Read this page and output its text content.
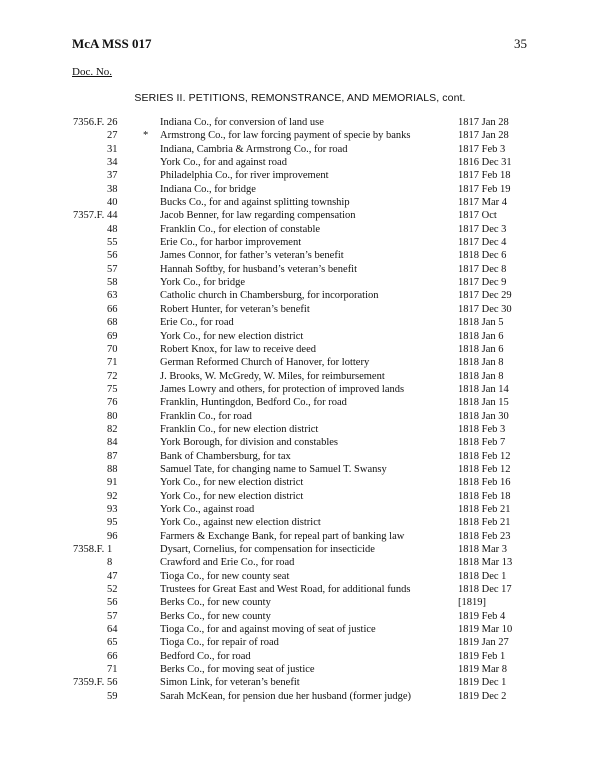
McA MSS 017	35
Doc. No.
SERIES II. PETITIONS, REMONSTRANCE, AND MEMORIALS, cont.
7356.F. 26	Indiana Co., for conversion of land use	1817 Jan 28
27 * Armstrong Co., for law forcing payment of specie by banks	1817 Jan 28
31	Indiana, Cambria & Armstrong Co., for road	1817 Feb 3
34	York Co., for and against road	1816 Dec 31
37	Philadelphia Co., for river improvement	1817 Feb 18
38	Indiana Co., for bridge	1817 Feb 19
40	Bucks Co., for and against splitting township	1817 Mar 4
7357.F. 44	Jacob Benner, for law regarding compensation	1817 Oct
48	Franklin Co., for election of constable	1817 Dec 3
55	Erie Co., for harbor improvement	1817 Dec 4
56	James Connor, for father’s veteran’s benefit	1818 Dec 6
57	Hannah Softby, for husband’s veteran’s benefit	1817 Dec 8
58	York Co., for bridge	1817 Dec 9
63	Catholic church in Chambersburg, for incorporation	1817 Dec 29
66	Robert Hunter, for veteran’s benefit	1817 Dec 30
68	Erie Co., for road	1818 Jan 5
69	York Co., for new election district	1818 Jan 6
70	Robert Knox, for law to receive deed	1818 Jan 6
71	German Reformed Church of Hanover, for lottery	1818 Jan 8
72	J. Brooks, W. McGredy, W. Miles, for reimbursement	1818 Jan 8
75	James Lowry and others, for protection of improved lands	1818 Jan 14
76	Franklin, Huntingdon, Bedford Co., for road	1818 Jan 15
80	Franklin Co., for road	1818 Jan 30
82	Franklin Co., for new election district	1818 Feb 3
84	York Borough, for division and constables	1818 Feb 7
87	Bank of Chambersburg, for tax	1818 Feb 12
88	Samuel Tate, for changing name to Samuel T. Swansy	1818 Feb 12
91	York Co., for new election district	1818 Feb 16
92	York Co., for new election district	1818 Feb 18
93	York Co., against road	1818 Feb 21
95	York Co., against new election district	1818 Feb 21
96	Farmers & Exchange Bank, for repeal part of banking law	1818 Feb 23
7358.F. 1	Dysart, Cornelius, for compensation for insecticide	1818 Mar 3
8	Crawford and Erie Co., for road	1818 Mar 13
47	Tioga Co., for new county seat	1818 Dec 1
52	Trustees for Great East and West Road, for additional funds	1818 Dec 17
56	Berks Co., for new county	[1819]
57	Berks Co., for new county	1819 Feb 4
64	Tioga Co., for and against moving of seat of justice	1819 Mar 10
65	Tioga Co., for repair of road	1819 Jan 27
66	Bedford Co., for road	1819 Feb 1
71	Berks Co., for moving seat of justice	1819 Mar 8
7359.F. 56	Simon Link, for veteran’s benefit	1819 Dec 1
59	Sarah McKean, for pension due her husband (former judge)	1819 Dec 2
